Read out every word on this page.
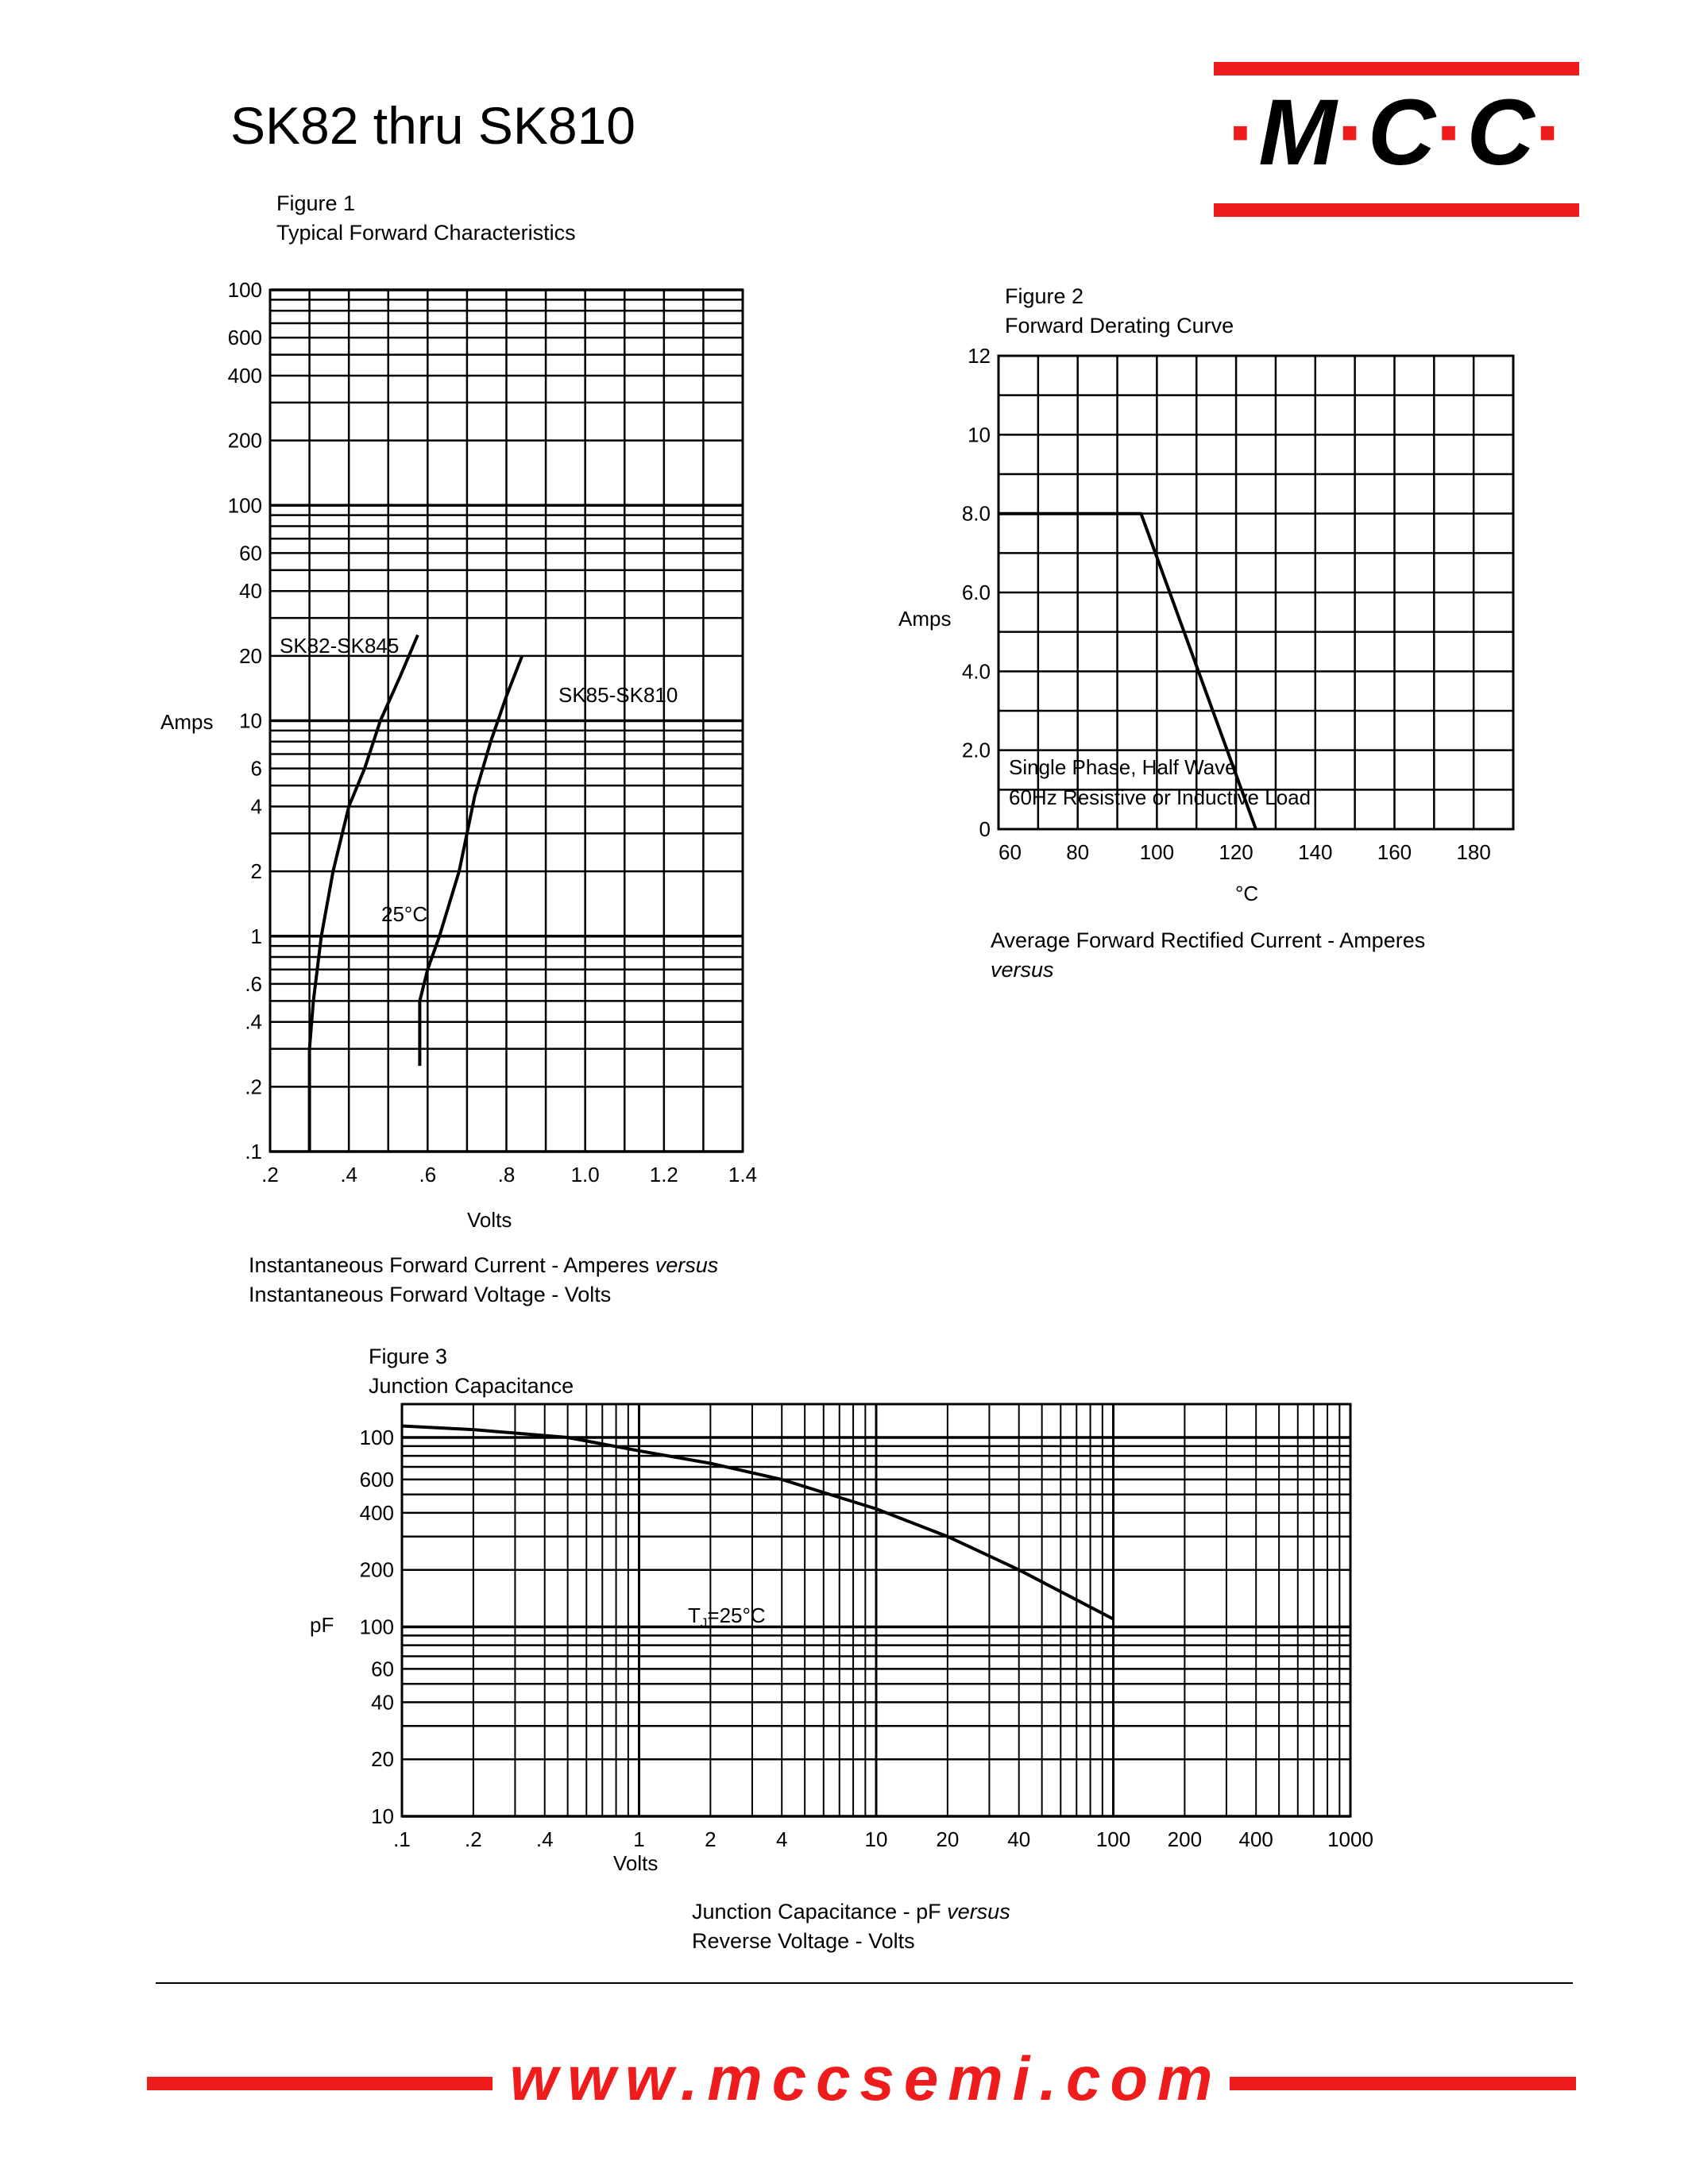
SK82 thru SK810	·M·C·C·
Figure 1
Typical Forward Characteristics
Instantaneous Forward Current - Amperes versus
Instantaneous Forward Voltage - Volts
Figure 2
Forward Derating Curve
Average Forward Rectified Current - Amperes
versus
Figure 3
Junction Capacitance
Junction Capacitance - pF versus
Reverse Voltage - Volts
.1
.2
.4
.6
1
2
4
6
10
20
40
60
100
200
400
600
100
.2	.4	.6	.8	1.0 1.2 1.4
0
2.0
4.0
6.0
8.0
10
12
60 80 100 120 140 160 180
10
20
40
60
100
200
400
600
100
.1	.2	.4	1	2	4	10 20 40	100 200 400	1000
Amps
Volts
SK82-SK845
SK85-SK810
25°C
Amps
°C
Single Phase, Half Wave
60Hz Resistive or Inductive Load
pF
Volts
$T_J=25^\circ C$
www.mccsemi.com
